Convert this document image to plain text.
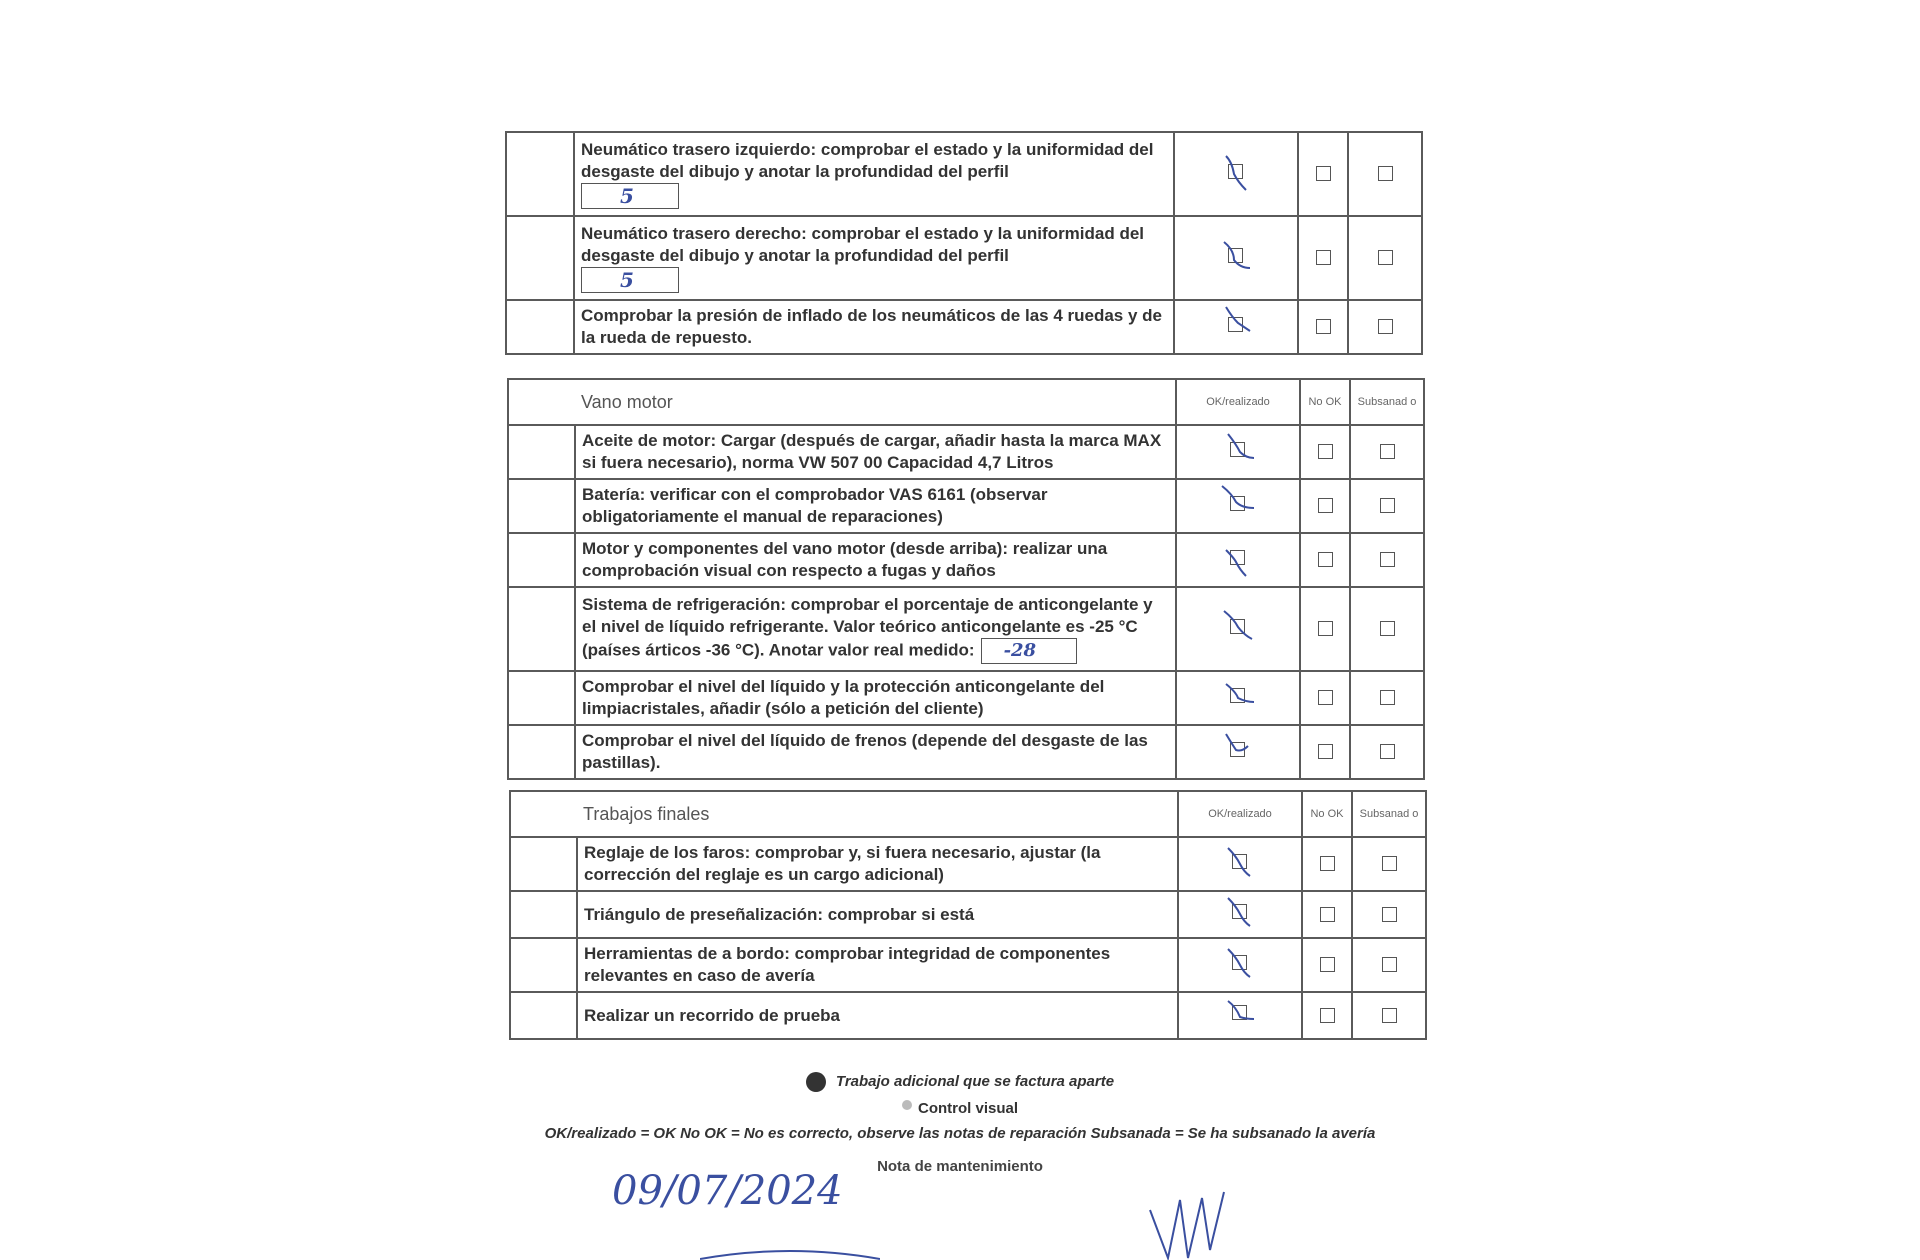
	Neumático trasero izquierdo: comprobar el estado y la uniformidad del desgaste del dibujo y anotar la profundidad del perfil
5	

	Neumático trasero derecho: comprobar el estado y la uniformidad del desgaste del dibujo y anotar la profundidad del perfil
5	

	Comprobar la presión de inflado de los neumáticos de las 4 ruedas y de la rueda de repuesto.	

	Vano motor	OK/realizado	No OK	Subsanad o
	Aceite de motor: Cargar (después de cargar, añadir hasta la marca MAX si fuera necesario), norma VW 507 00 Capacidad 4,7 Litros	

	Batería: verificar con el comprobador VAS 6161 (observar obligatoriamente el manual de reparaciones)	

	Motor y componentes del vano motor (desde arriba): realizar una comprobación visual con respecto a fugas y daños	

	Sistema de refrigeración: comprobar el porcentaje de anticongelante y el nivel de líquido refrigerante. Valor teórico anticongelante es -25 °C (países árticos -36 °C). Anotar valor real medido: -28	

	Comprobar el nivel del líquido y la protección anticongelante del limpiacristales, añadir (sólo a petición del cliente)	

	Comprobar el nivel del líquido de frenos (depende del desgaste de las pastillas).	

	Trabajos finales	OK/realizado	No OK	Subsanad o
	Reglaje de los faros: comprobar y, si fuera necesario, ajustar (la corrección del reglaje es un cargo adicional)	

	Triángulo de preseñalización: comprobar si está	

	Herramientas de a bordo: comprobar integridad de componentes relevantes en caso de avería	

	Realizar un recorrido de prueba	

Trabajo adicional que se factura aparte
Control visual
OK/realizado = OK No OK = No es correcto, observe las notas de reparación Subsanada = Se ha subsanado la avería
Nota de mantenimiento
09/07/2024
